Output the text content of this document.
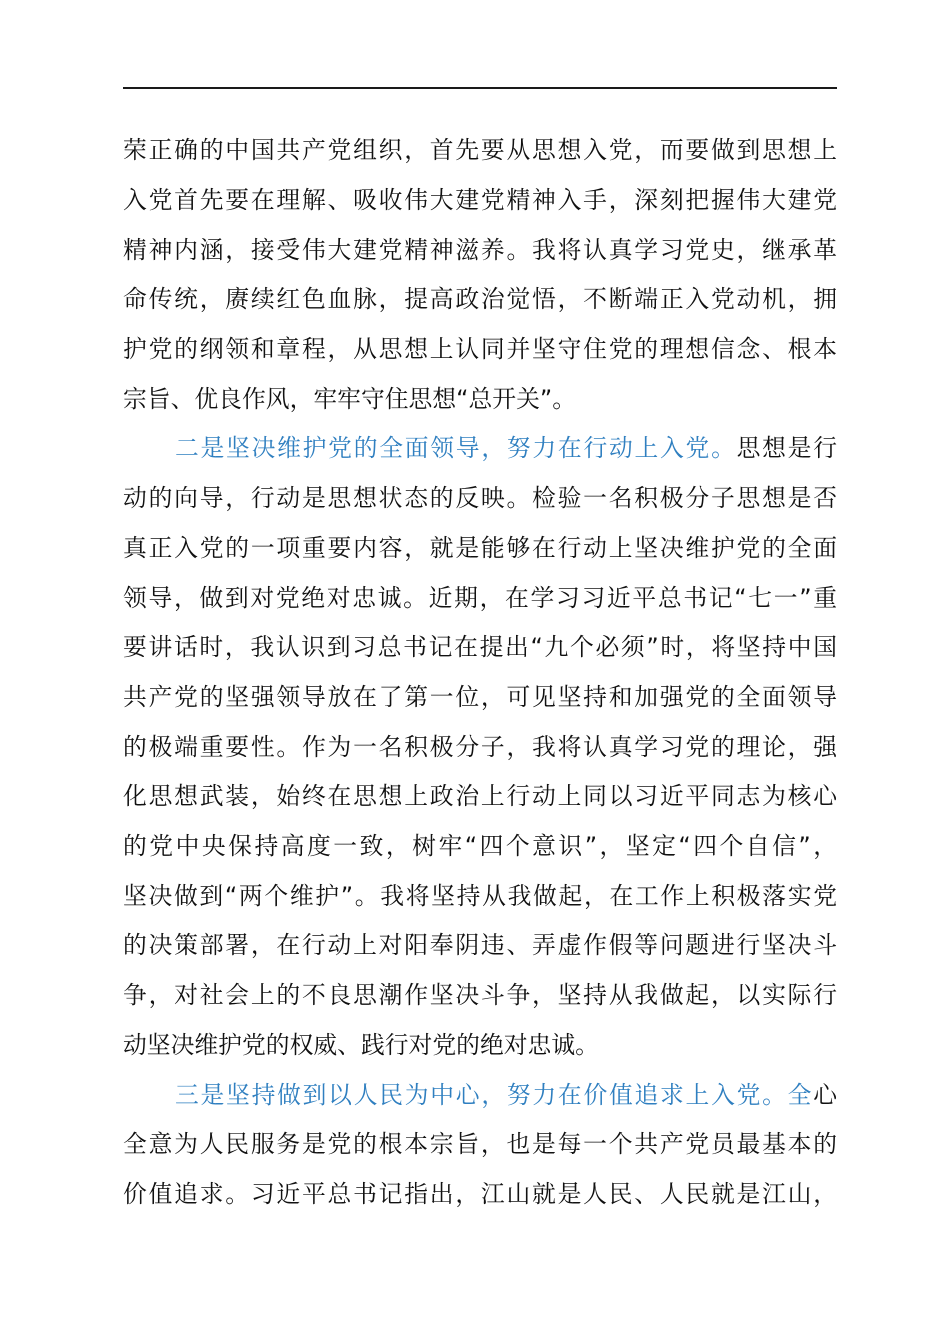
荣正确的中国共产党组织，首先要从思想入党，而要做到思想上
入党首先要在理解、吸收伟大建党精神入手，深刻把握伟大建党
精神内涵，接受伟大建党精神滋养。我将认真学习党史，继承革
命传统，赓续红色血脉，提高政治觉悟，不断端正入党动机，拥
护党的纲领和章程，从思想上认同并坚守住党的理想信念、根本
宗旨、优良作风，牢牢守住思想“总开关”。
二是坚决维护党的全面领导，努力在行动上入党。思想是行
动的向导，行动是思想状态的反映。检验一名积极分子思想是否
真正入党的一项重要内容，就是能够在行动上坚决维护党的全面
领导，做到对党绝对忠诚。近期，在学习习近平总书记“七一”重
要讲话时，我认识到习总书记在提出“九个必须”时，将坚持中国
共产党的坚强领导放在了第一位，可见坚持和加强党的全面领导
的极端重要性。作为一名积极分子，我将认真学习党的理论，强
化思想武装，始终在思想上政治上行动上同以习近平同志为核心
的党中央保持高度一致，树牢“四个意识”，坚定“四个自信”，
坚决做到“两个维护”。我将坚持从我做起，在工作上积极落实党
的决策部署，在行动上对阳奉阴违、弄虚作假等问题进行坚决斗
争，对社会上的不良思潮作坚决斗争，坚持从我做起，以实际行
动坚决维护党的权威、践行对党的绝对忠诚。
三是坚持做到以人民为中心，努力在价值追求上入党。全心
全意为人民服务是党的根本宗旨，也是每一个共产党员最基本的
价值追求。习近平总书记指出，江山就是人民、人民就是江山，
